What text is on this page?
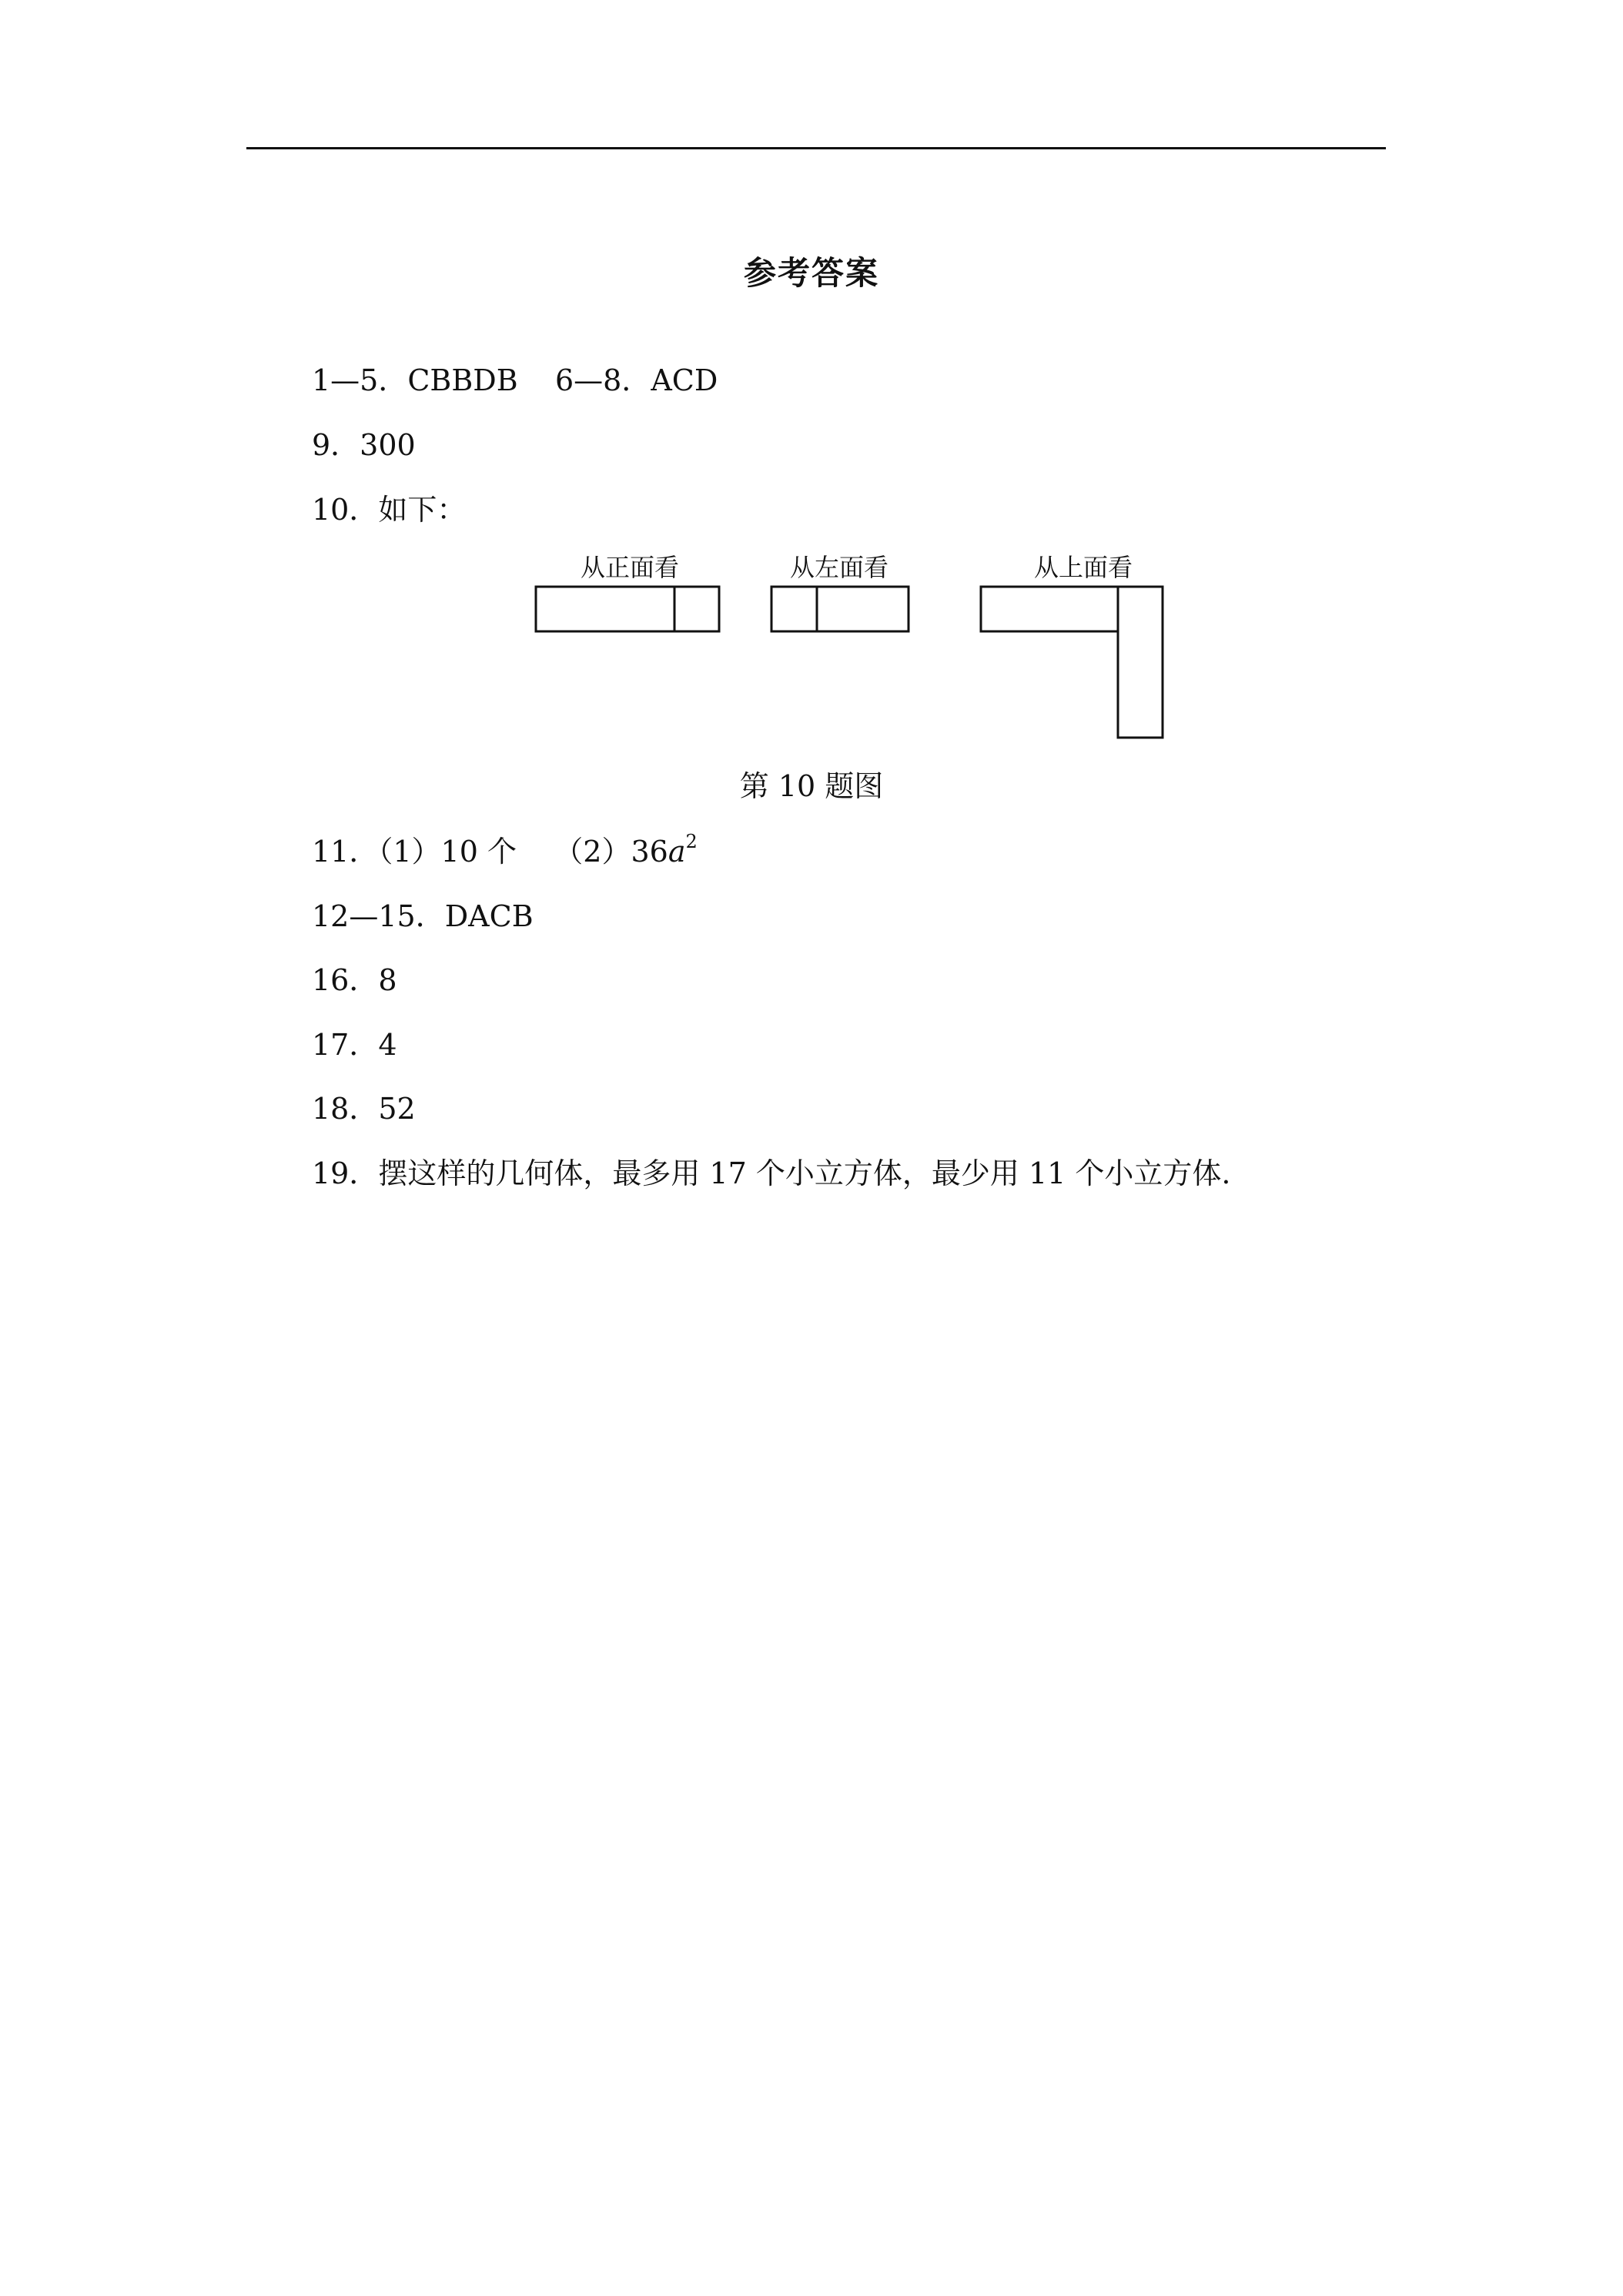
参考答案
1—5．CBBDB    6—8．ACD
9．300
10．如下：
从正面看	从左面看	从上面看
第 10 题图
11．（1）10 个    $(2)36a^2$
12—15．DACB
16．8
17．4
18．52
19．摆这样的几何体，最多用 17 个小立方体，最少用 11 个小立方体.
